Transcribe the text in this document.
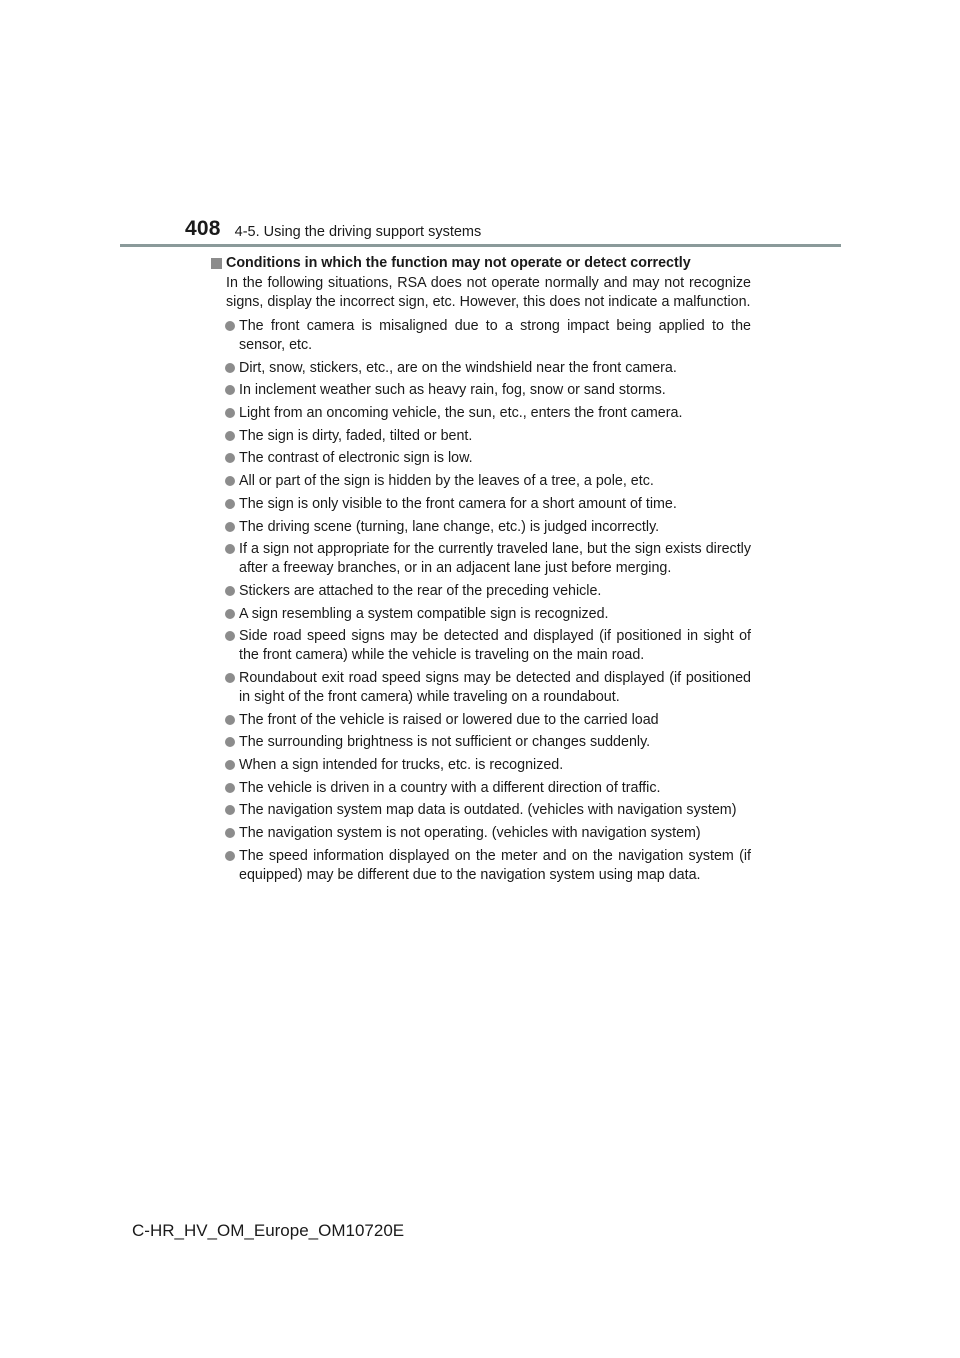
408 4-5. Using the driving support systems
Conditions in which the function may not operate or detect correctly
In the following situations, RSA does not operate normally and may not recognize signs, display the incorrect sign, etc. However, this does not indicate a malfunction.
The front camera is misaligned due to a strong impact being applied to the sensor, etc.
Dirt, snow, stickers, etc., are on the windshield near the front camera.
In inclement weather such as heavy rain, fog, snow or sand storms.
Light from an oncoming vehicle, the sun, etc., enters the front camera.
The sign is dirty, faded, tilted or bent.
The contrast of electronic sign is low.
All or part of the sign is hidden by the leaves of a tree, a pole, etc.
The sign is only visible to the front camera for a short amount of time.
The driving scene (turning, lane change, etc.) is judged incorrectly.
If a sign not appropriate for the currently traveled lane, but the sign exists directly after a freeway branches, or in an adjacent lane just before merging.
Stickers are attached to the rear of the preceding vehicle.
A sign resembling a system compatible sign is recognized.
Side road speed signs may be detected and displayed (if positioned in sight of the front camera) while the vehicle is traveling on the main road.
Roundabout exit road speed signs may be detected and displayed (if positioned in sight of the front camera) while traveling on a roundabout.
The front of the vehicle is raised or lowered due to the carried load
The surrounding brightness is not sufficient or changes suddenly.
When a sign intended for trucks, etc. is recognized.
The vehicle is driven in a country with a different direction of traffic.
The navigation system map data is outdated. (vehicles with navigation system)
The navigation system is not operating. (vehicles with navigation system)
The speed information displayed on the meter and on the navigation system (if equipped) may be different due to the navigation system using map data.
C-HR_HV_OM_Europe_OM10720E
